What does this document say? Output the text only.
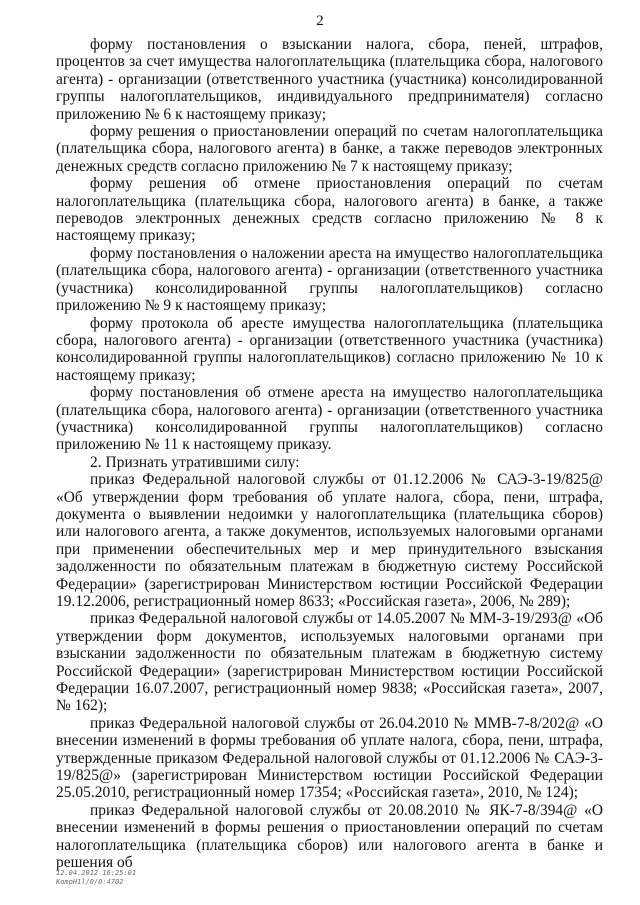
2

форму постановления о взыскании налога, сбора, пеней, штрафов, процентов за счет имущества налогоплательщика (плательщика сбора, налогового агента) - организации (ответственного участника (участника) консолидированной группы налогоплательщиков, индивидуального предпринимателя) согласно приложению № 6 к настоящему приказу;

форму решения о приостановлении операций по счетам налогоплательщика (плательщика сбора, налогового агента) в банке, а также переводов электронных денежных средств согласно приложению № 7 к настоящему приказу;

форму решения об отмене приостановления операций по счетам налогоплательщика (плательщика сбора, налогового агента) в банке, а также переводов электронных денежных средств согласно приложению № 8 к настоящему приказу;

форму постановления о наложении ареста на имущество налогоплательщика (плательщика сбора, налогового агента) - организации (ответственного участника (участника) консолидированной группы налогоплательщиков) согласно приложению № 9 к настоящему приказу;

форму протокола об аресте имущества налогоплательщика (плательщика сбора, налогового агента) - организации (ответственного участника (участника) консолидированной группы налогоплательщиков) согласно приложению № 10 к настоящему приказу;

форму постановления об отмене ареста на имущество налогоплательщика (плательщика сбора, налогового агента) - организации (ответственного участника (участника) консолидированной группы налогоплательщиков) согласно приложению № 11 к настоящему приказу.

2. Признать утратившими силу:

приказ Федеральной налоговой службы от 01.12.2006 № САЭ-3-19/825@ «Об утверждении форм требования об уплате налога, сбора, пени, штрафа, документа о выявлении недоимки у налогоплательщика (плательщика сборов) или налогового агента, а также документов, используемых налоговыми органами при применении обеспечительных мер и мер принудительного взыскания задолженности по обязательным платежам в бюджетную систему Российской Федерации» (зарегистрирован Министерством юстиции Российской Федерации 19.12.2006, регистрационный номер 8633; «Российская газета», 2006, № 289);

приказ Федеральной налоговой службы от 14.05.2007 № ММ-3-19/293@ «Об утверждении форм документов, используемых налоговыми органами при взыскании задолженности по обязательным платежам в бюджетную систему Российской Федерации» (зарегистрирован Министерством юстиции Российской Федерации 16.07.2007, регистрационный номер 9838; «Российская газета», 2007, № 162);

приказ Федеральной налоговой службы от 26.04.2010 № ММВ-7-8/202@ «О внесении изменений в формы требования об уплате налога, сбора, пени, штрафа, утвержденные приказом Федеральной налоговой службы от 01.12.2006 № САЭ-3-19/825@» (зарегистрирован Министерством юстиции Российской Федерации 25.05.2010, регистрационный номер 17354; «Российская газета», 2010, № 124);

приказ Федеральной налоговой службы от 20.08.2010 № ЯК-7-8/394@ «О внесении изменений в формы решения о приостановлении операций по счетам налогоплательщика (плательщика сборов) или налогового агента в банке и решения об

12.04.2012 16:25:01
KompH1l/0/0:4702
